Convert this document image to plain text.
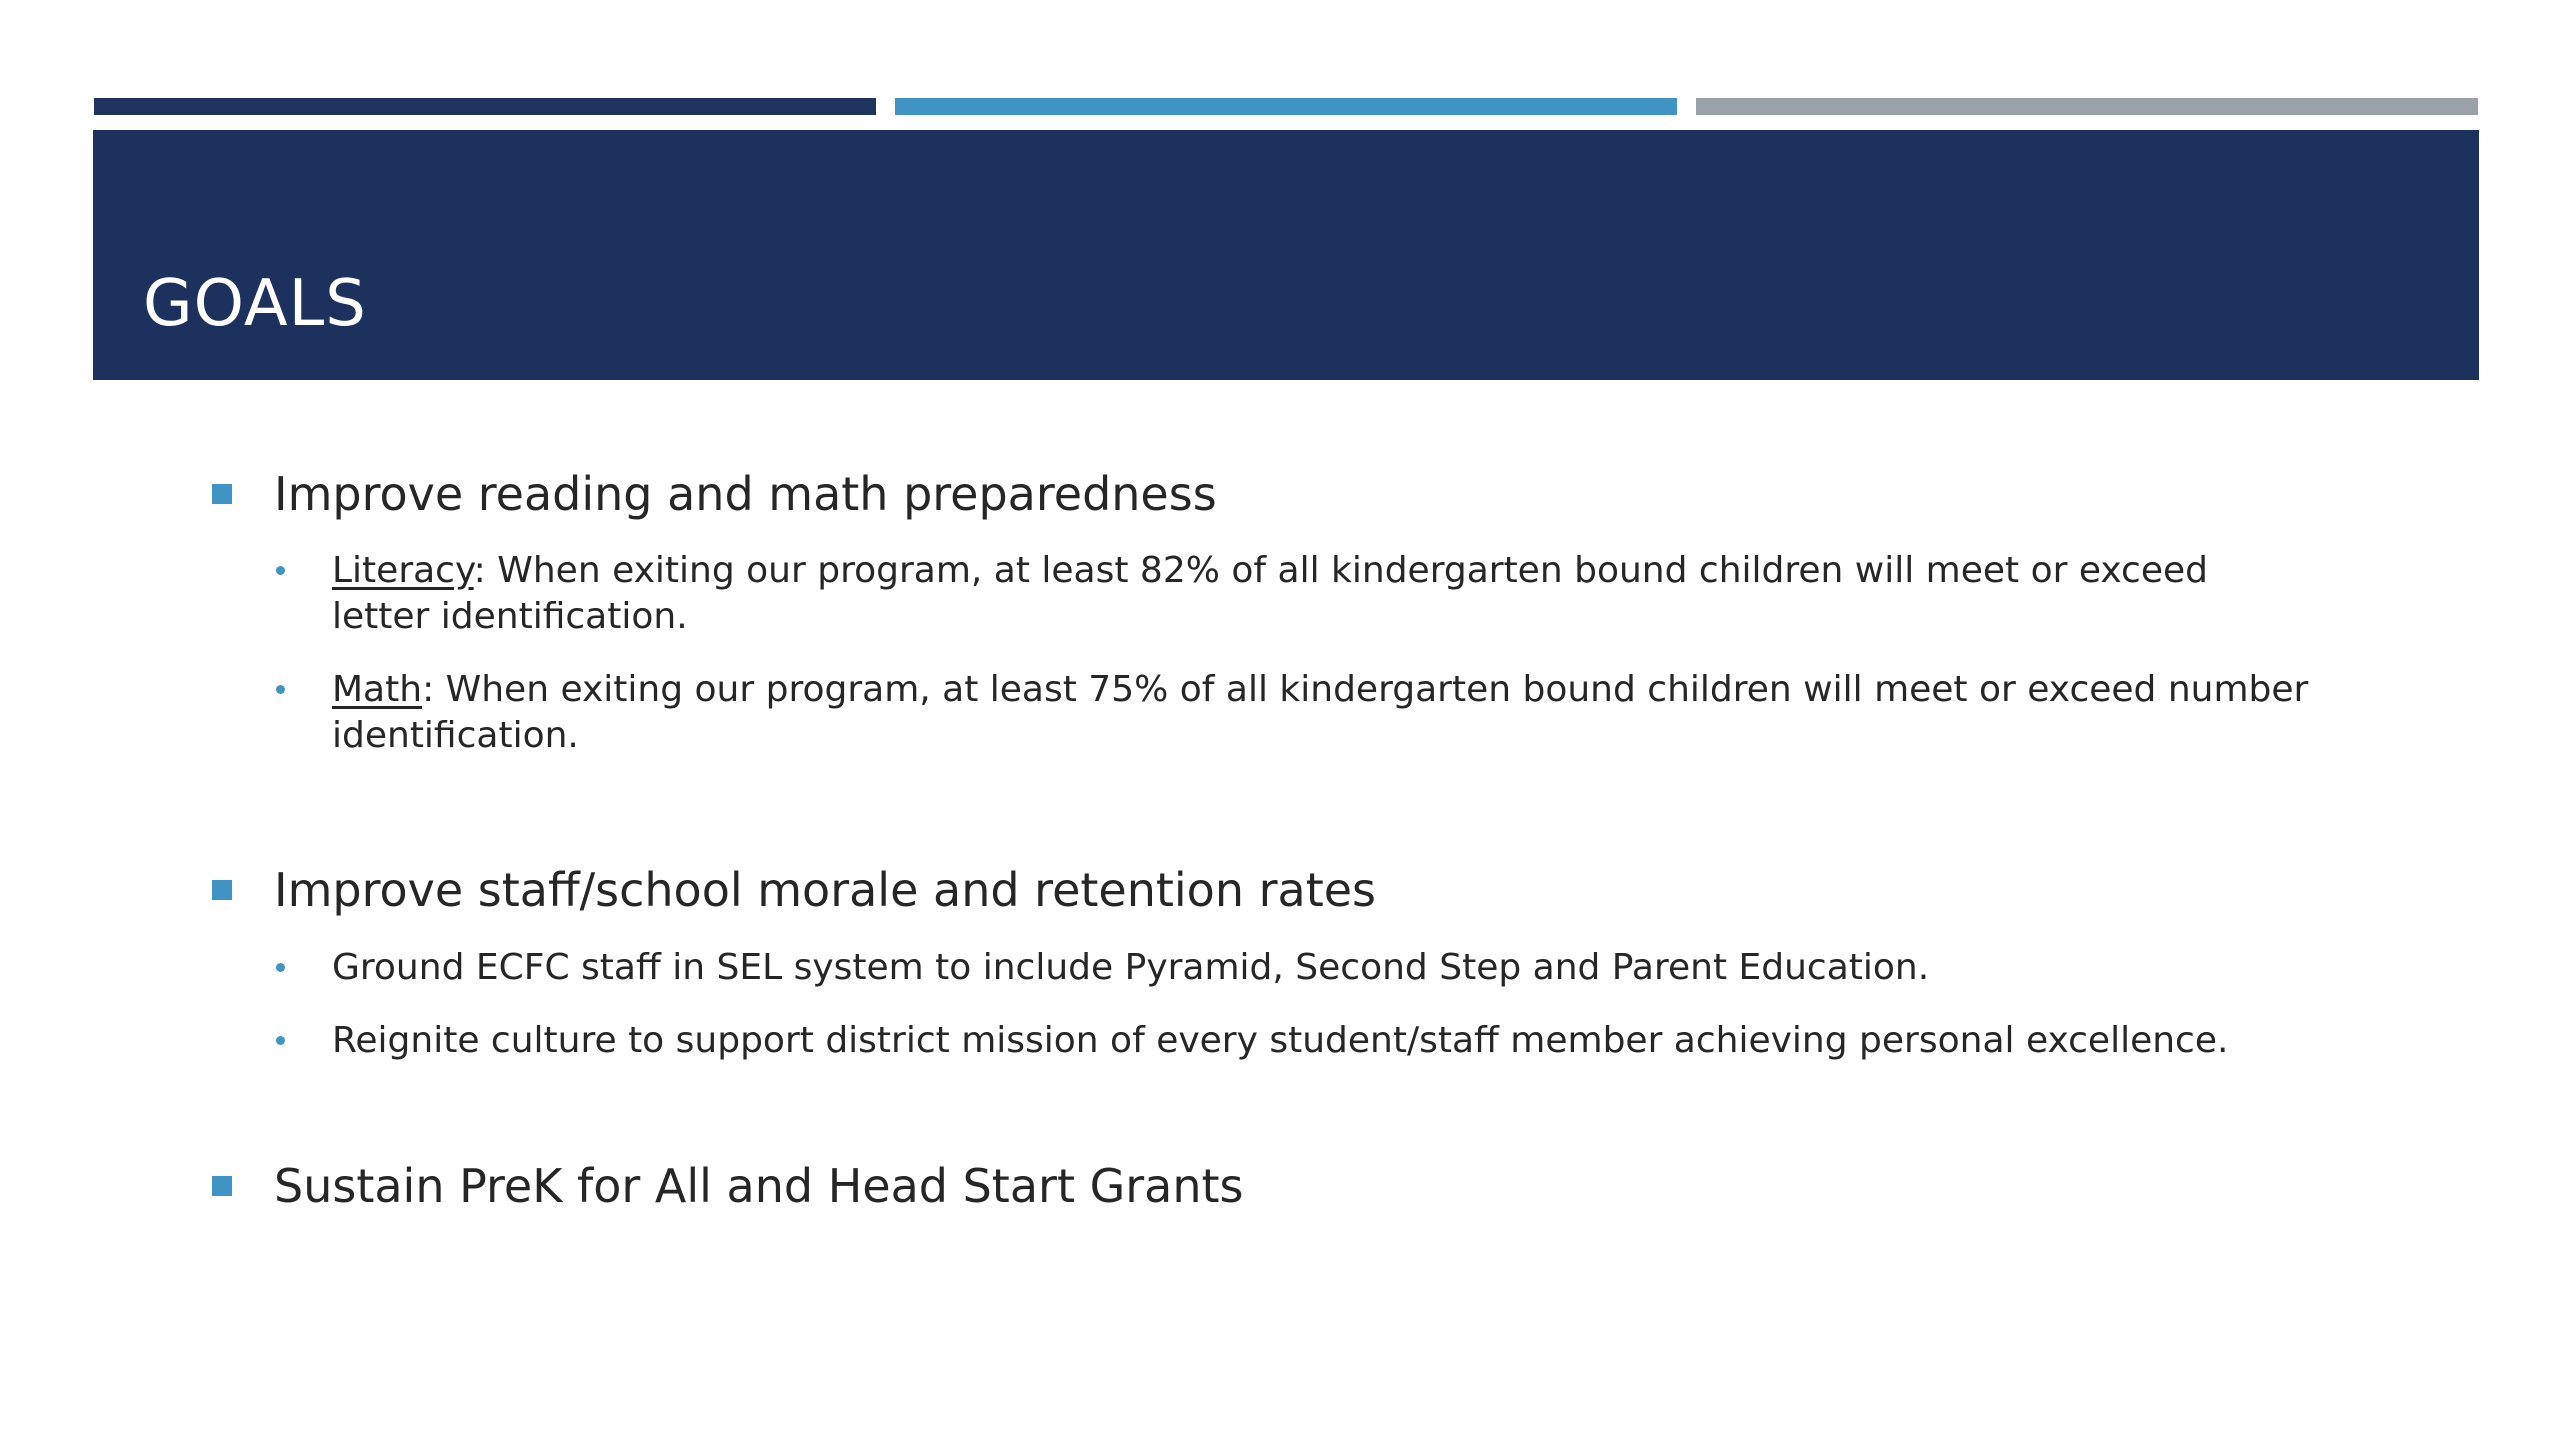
GOALS
Improve reading and math preparedness
Literacy: When exiting our program, at least 82% of all kindergarten bound children will meet or exceed letter identification.
Math: When exiting our program, at least 75% of all kindergarten bound children will meet or exceed number identification.
Improve staff/school morale and retention rates
Ground ECFC staff in SEL system to include Pyramid, Second Step and Parent Education.
Reignite culture to support district mission of every student/staff member achieving personal excellence.
Sustain PreK for All and Head Start Grants
